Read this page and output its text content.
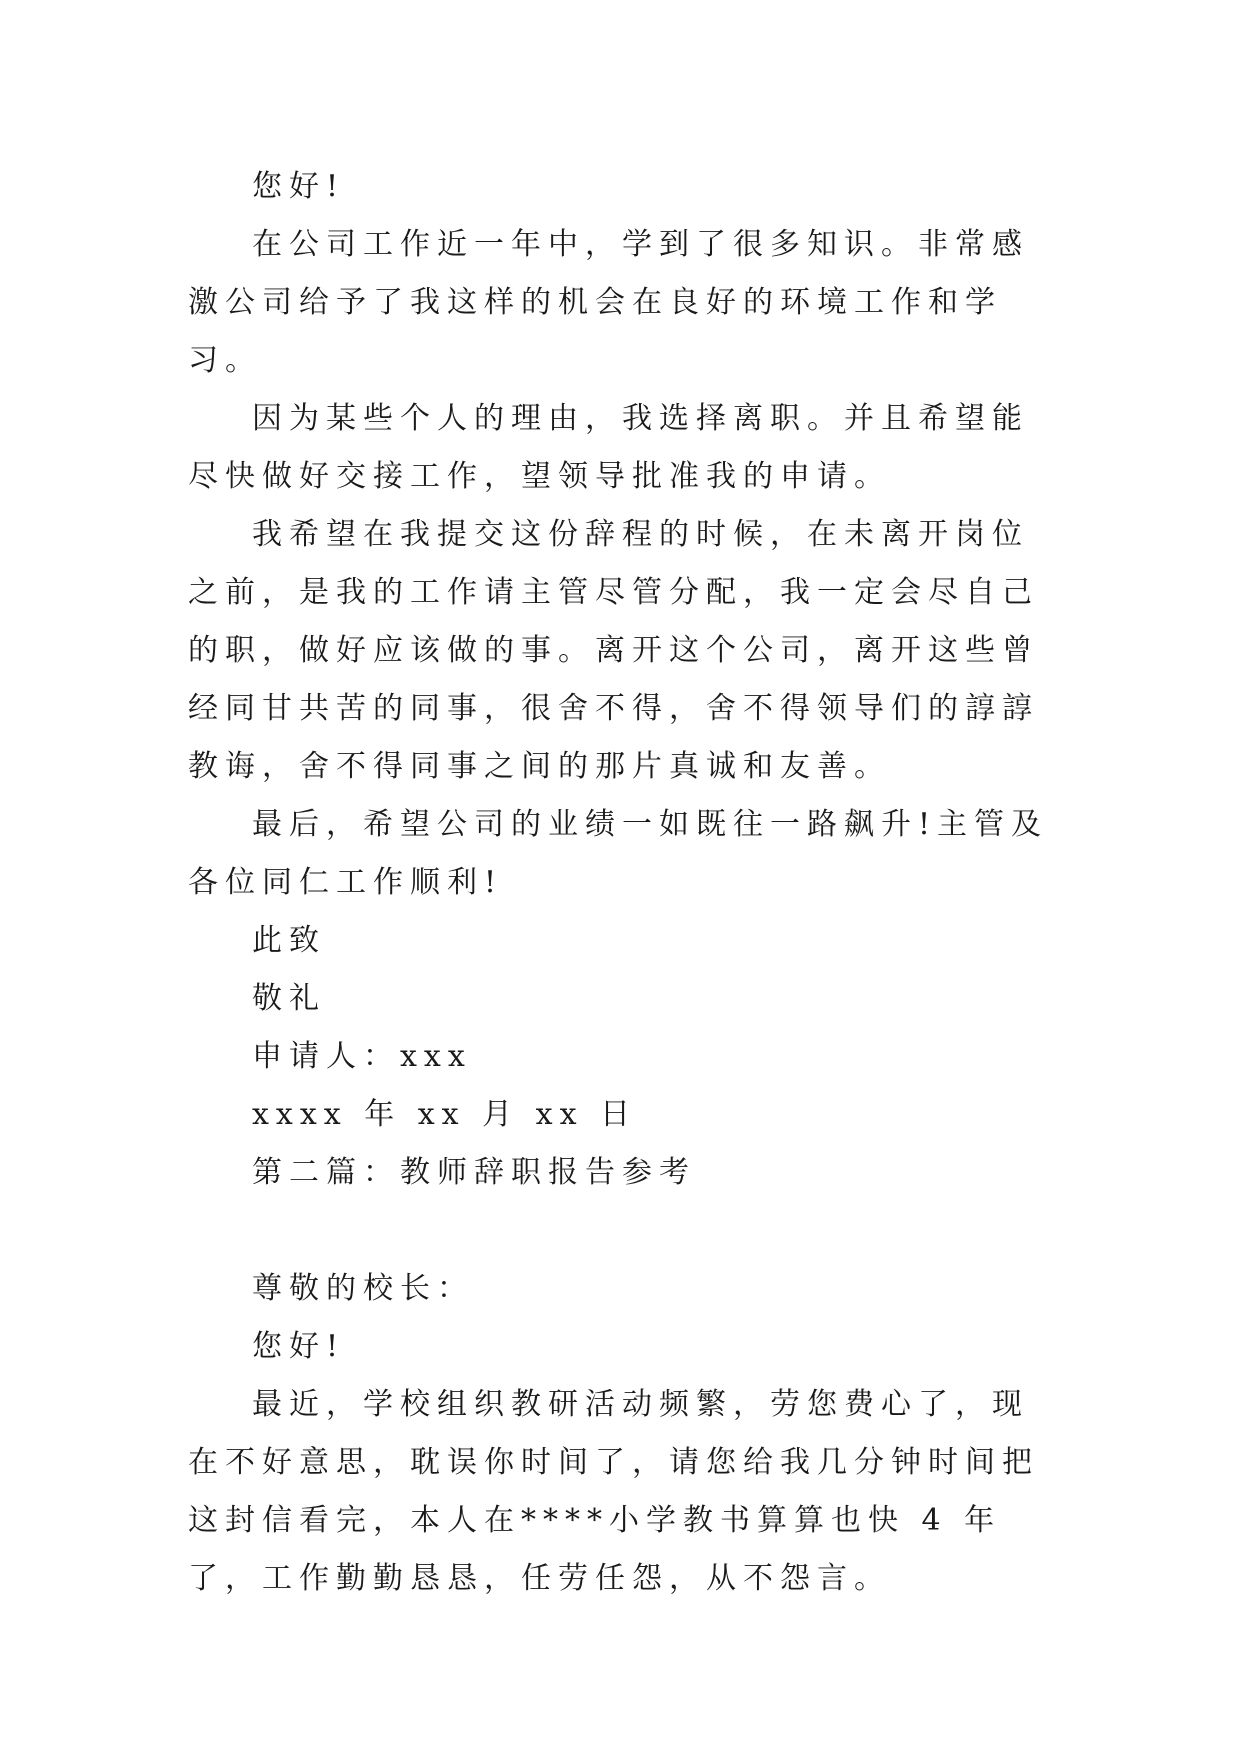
您好!

在公司工作近一年中，学到了很多知识。非常感激公司给予了我这样的机会在良好的环境工作和学习。

因为某些个人的理由，我选择离职。并且希望能尽快做好交接工作，望领导批准我的申请。

我希望在我提交这份辞程的时候，在未离开岗位之前，是我的工作请主管尽管分配，我一定会尽自己的职，做好应该做的事。离开这个公司，离开这些曾经同甘共苦的同事，很舍不得，舍不得领导们的諄諄教诲，舍不得同事之间的那片真诚和友善。

最后，希望公司的业绩一如既往一路飙升!主管及各位同仁工作顺利!

此致

敬礼

申请人：xxx

xxxx 年 xx 月 xx 日

第二篇：教师辞职报告参考

尊敬的校长：

您好!

最近，学校组织教研活动频繁，劳您费心了，现在不好意思，耽误你时间了，请您给我几分钟时间把这封信看完，本人在****小学教书算算也快 4 年了，工作勤勤恳恳，任劳任怨，从不怨言。
